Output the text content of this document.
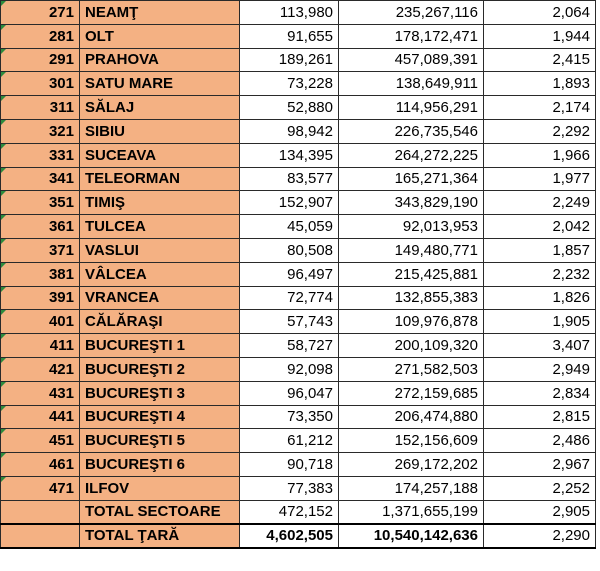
271	NEAMŢ	113,980	235,267,116	2,064

281	OLT	91,655	178,172,471	1,944

291	PRAHOVA	189,261	457,089,391	2,415

301	SATU MARE	73,228	138,649,911	1,893

311	SĂLAJ	52,880	114,956,291	2,174

321	SIBIU	98,942	226,735,546	2,292

331	SUCEAVA	134,395	264,272,225	1,966

341	TELEORMAN	83,577	165,271,364	1,977

351	TIMIŞ	152,907	343,829,190	2,249

361	TULCEA	45,059	92,013,953	2,042

371	VASLUI	80,508	149,480,771	1,857

381	VÂLCEA	96,497	215,425,881	2,232

391	VRANCEA	72,774	132,855,383	1,826

401	CĂLĂRAŞI	57,743	109,976,878	1,905

411	BUCUREŞTI 1	58,727	200,109,320	3,407

421	BUCUREŞTI 2	92,098	271,582,503	2,949

431	BUCUREŞTI 3	96,047	272,159,685	2,834

441	BUCUREŞTI 4	73,350	206,474,880	2,815

451	BUCUREŞTI 5	61,212	152,156,609	2,486

461	BUCUREŞTI 6	90,718	269,172,202	2,967

471	ILFOV	77,383	174,257,188	2,252
	TOTAL SECTOARE	472,152	1,371,655,199	2,905
	TOTAL ŢARĂ	4,602,505	10,540,142,636	2,290
